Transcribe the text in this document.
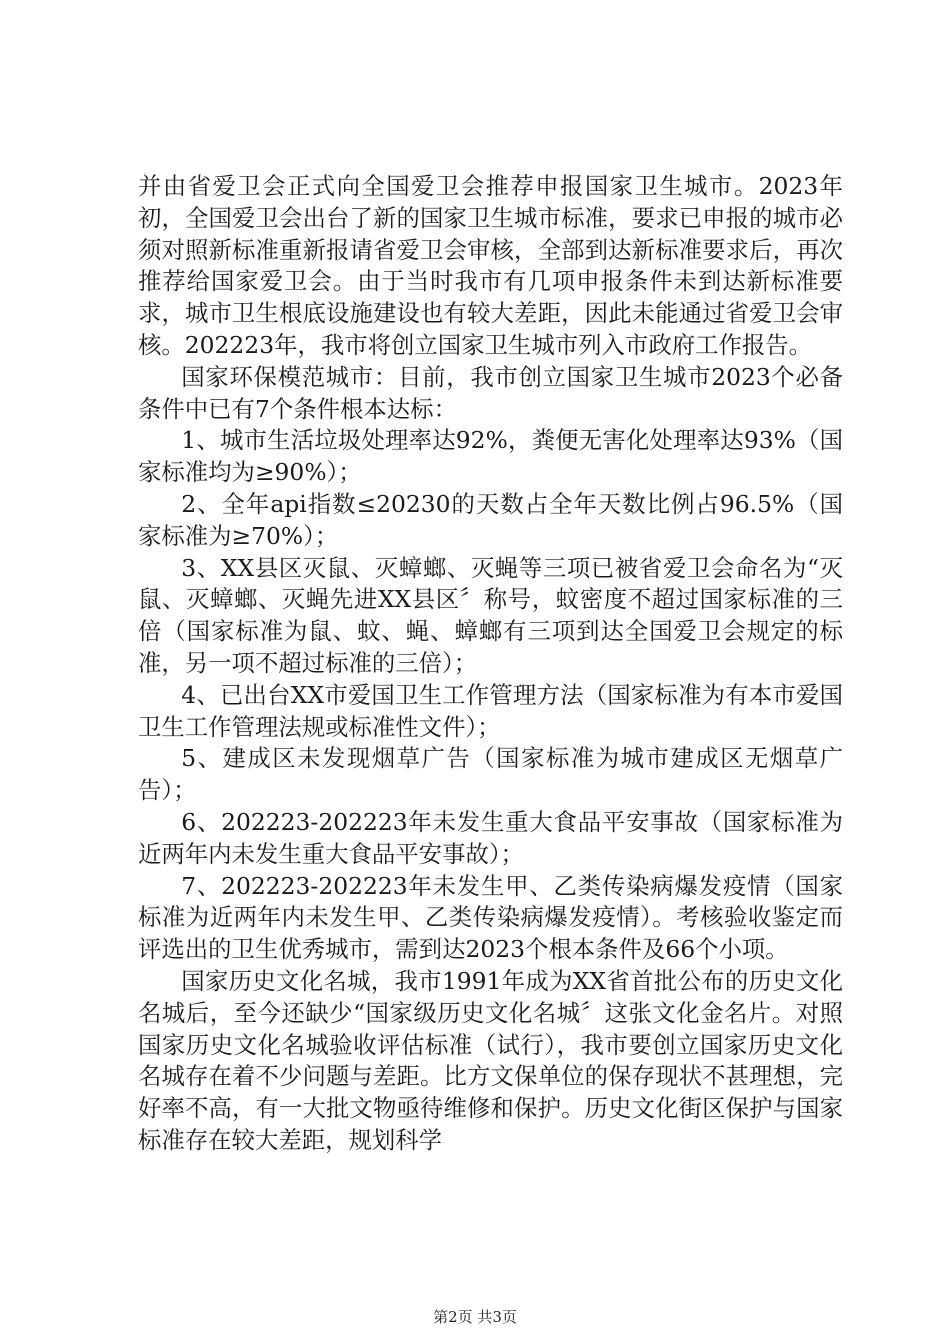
并由省爱卫会正式向全国爱卫会推荐申报国家卫生城市。2023年初，全国爱卫会出台了新的国家卫生城市标准，要求已申报的城市必须对照新标准重新报请省爱卫会审核，全部到达新标准要求后，再次推荐给国家爱卫会。由于当时我市有几项申报条件未到达新标准要求，城市卫生根底设施建设也有较大差距，因此未能通过省爱卫会审核。202223年，我市将创立国家卫生城市列入市政府工作报告。

国家环保模范城市：目前，我市创立国家卫生城市2023个必备条件中已有7个条件根本达标：

1、城市生活垃圾处理率达92%，粪便无害化处理率达93%（国家标准均为≥90%）；

2、全年api指数≤20230的天数占全年天数比例占96.5%（国家标准为≥70%）；

3、XX县区灭鼠、灭蟑螂、灭蝇等三项已被省爱卫会命名为“灭鼠、灭蟑螂、灭蝇先进XX县区〞称号，蚊密度不超过国家标准的三倍（国家标准为鼠、蚊、蝇、蟑螂有三项到达全国爱卫会规定的标准，另一项不超过标准的三倍）；

4、已出台XX市爱国卫生工作管理方法（国家标准为有本市爱国卫生工作管理法规或标准性文件）；

5、建成区未发现烟草广告（国家标准为城市建成区无烟草广告）；

6、202223-202223年未发生重大食品平安事故（国家标准为近两年内未发生重大食品平安事故）；

7、202223-202223年未发生甲、乙类传染病爆发疫情（国家标准为近两年内未发生甲、乙类传染病爆发疫情）。考核验收鉴定而评选出的卫生优秀城市，需到达2023个根本条件及66个小项。

国家历史文化名城，我市1991年成为XX省首批公布的历史文化名城后，至今还缺少“国家级历史文化名城〞这张文化金名片。对照国家历史文化名城验收评估标准（试行），我市要创立国家历史文化名城存在着不少问题与差距。比方文保单位的保存现状不甚理想，完好率不高，有一大批文物亟待维修和保护。历史文化街区保护与国家标准存在较大差距，规划科学

第2页 共3页
